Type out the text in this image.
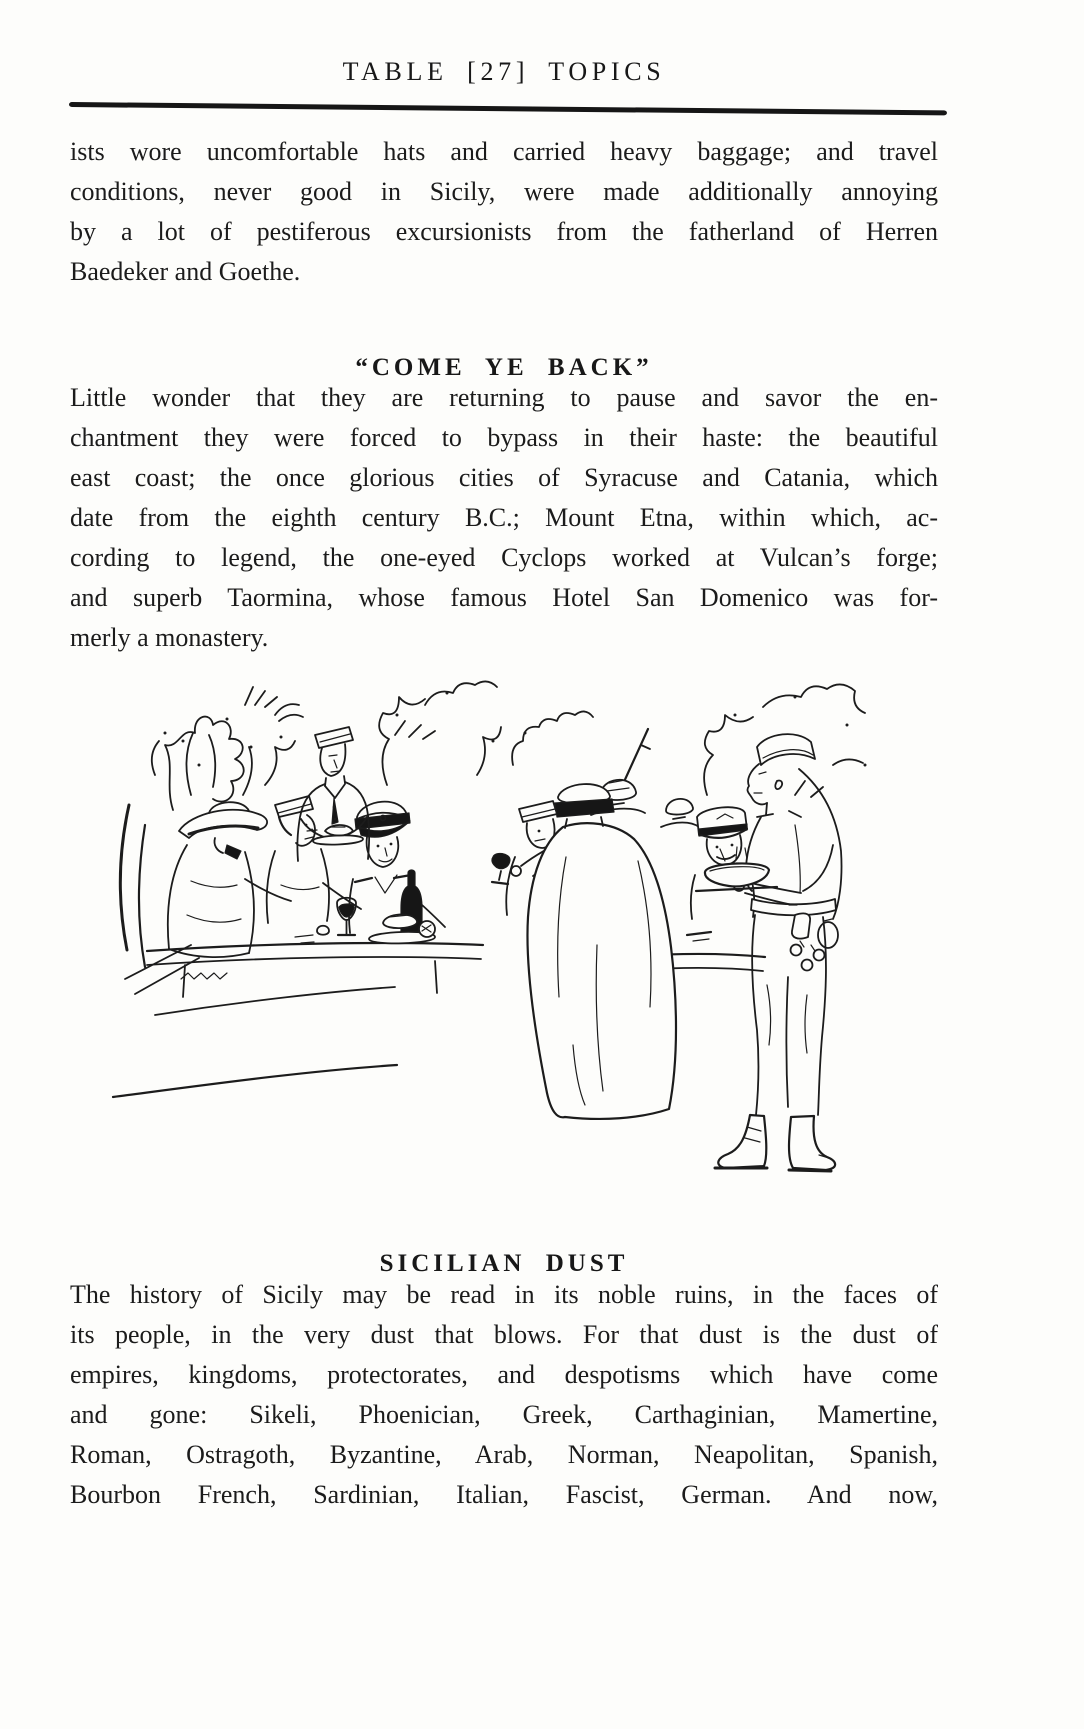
TABLE [27] TOPICS
ists wore uncomfortable hats and carried heavy baggage; and travel
conditions, never good in Sicily, were made additionally annoying
by a lot of pestiferous excursionists from the fatherland of Herren
Baedeker and Goethe.
“COME YE BACK”
Little wonder that they are returning to pause and savor the en-
chantment they were forced to bypass in their haste: the beautiful
east coast; the once glorious cities of Syracuse and Catania, which
date from the eighth century B.C.; Mount Etna, within which, ac-
cording to legend, the one-eyed Cyclops worked at Vulcan’s forge;
and superb Taormina, whose famous Hotel San Domenico was for-
merly a monastery.
SICILIAN DUST
The history of Sicily may be read in its noble ruins, in the faces of
its people, in the very dust that blows. For that dust is the dust of
empires, kingdoms, protectorates, and despotisms which have come
and gone: Sikeli, Phoenician, Greek, Carthaginian, Mamertine,
Roman, Ostragoth, Byzantine, Arab, Norman, Neapolitan, Spanish,
Bourbon French, Sardinian, Italian, Fascist, German. And now,
